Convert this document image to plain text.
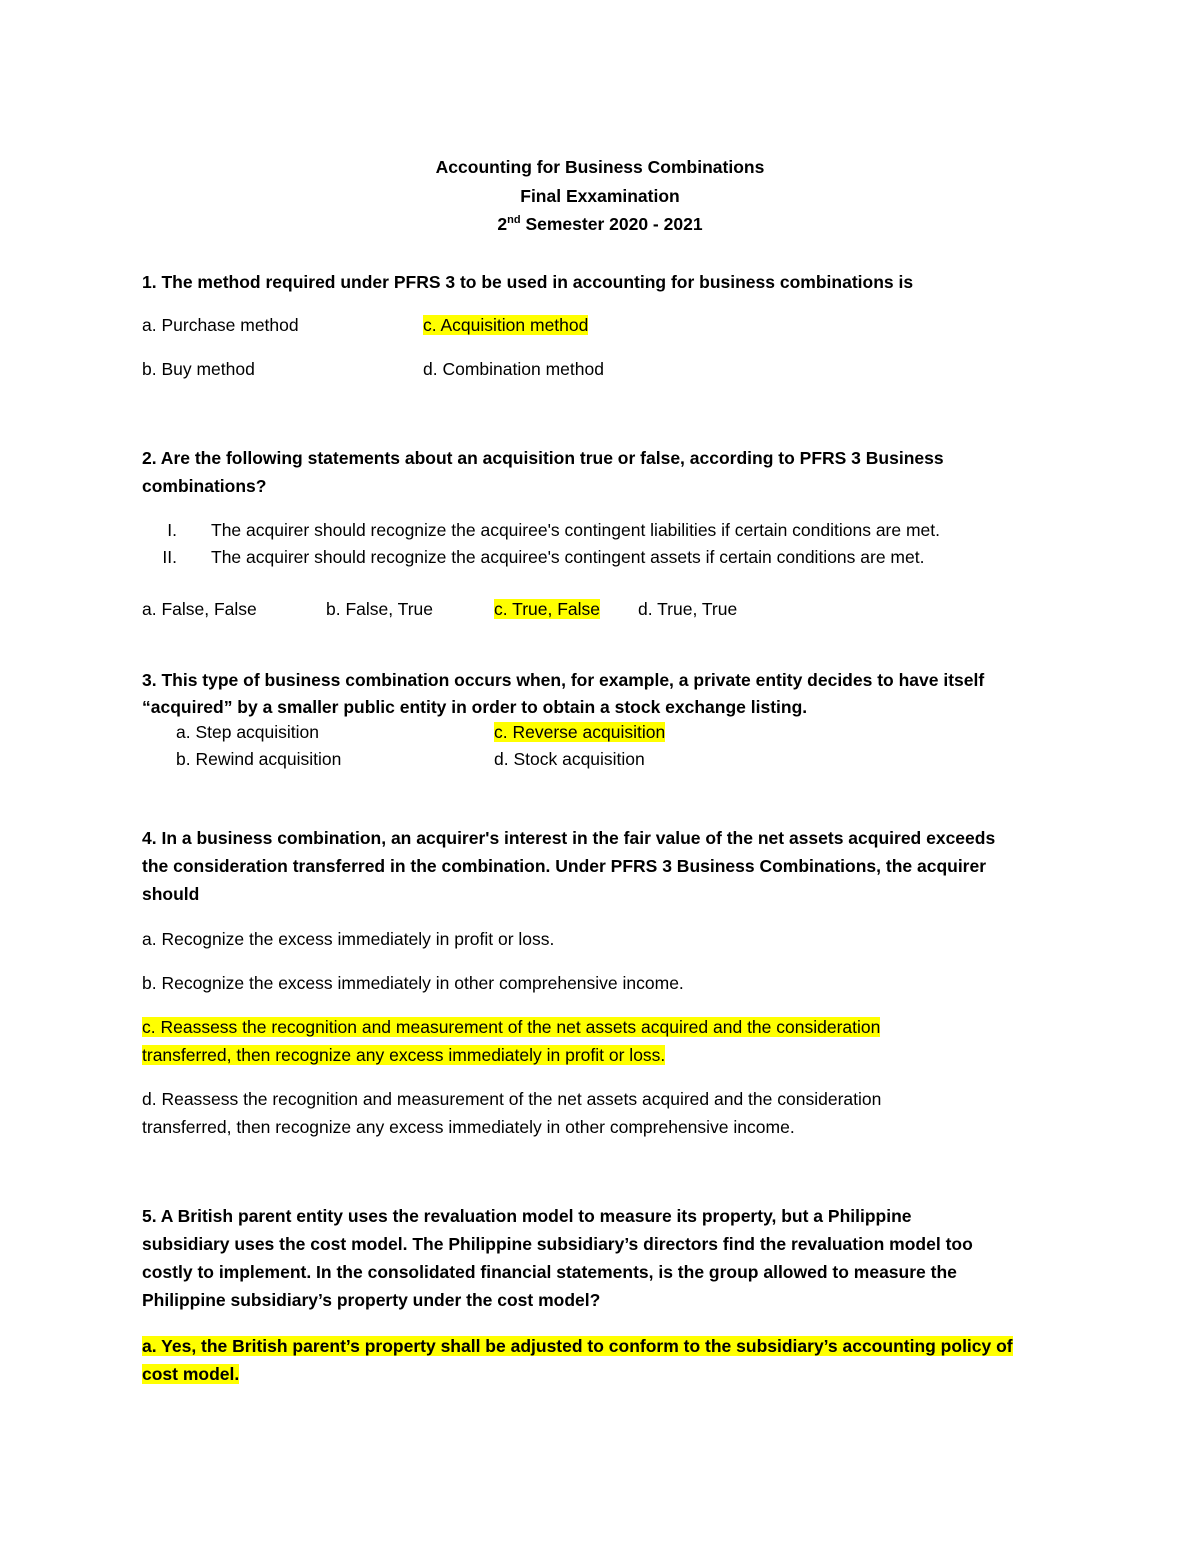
Accounting for Business Combinations
Final Exxamination
2nd Semester 2020 - 2021
1. The method required under PFRS 3 to be used in accounting for business combinations is
a. Purchase method	c. Acquisition method
b. Buy method	d. Combination method
2. Are the following statements about an acquisition true or false, according to PFRS 3 Business
combinations?
I. The acquirer should recognize the acquiree's contingent liabilities if certain conditions are met.
II. The acquirer should recognize the acquiree's contingent assets if certain conditions are met.
a. False, False	b. False, True	c. True, False d. True, True
3. This type of business combination occurs when, for example, a private entity decides to have itself
“acquired” by a smaller public entity in order to obtain a stock exchange listing.
a. Step acquisition	c. Reverse acquisition
b. Rewind acquisition	d. Stock acquisition
4. In a business combination, an acquirer's interest in the fair value of the net assets acquired exceeds
the consideration transferred in the combination. Under PFRS 3 Business Combinations, the acquirer
should
a. Recognize the excess immediately in profit or loss.
b. Recognize the excess immediately in other comprehensive income.
c. Reassess the recognition and measurement of the net assets acquired and the consideration
transferred, then recognize any excess immediately in profit or loss.
d. Reassess the recognition and measurement of the net assets acquired and the consideration
transferred, then recognize any excess immediately in other comprehensive income.
5. A British parent entity uses the revaluation model to measure its property, but a Philippine
subsidiary uses the cost model. The Philippine subsidiary’s directors find the revaluation model too
costly to implement. In the consolidated financial statements, is the group allowed to measure the
Philippine subsidiary’s property under the cost model?
a. Yes, the British parent’s property shall be adjusted to conform to the subsidiary’s accounting policy of
cost model.
